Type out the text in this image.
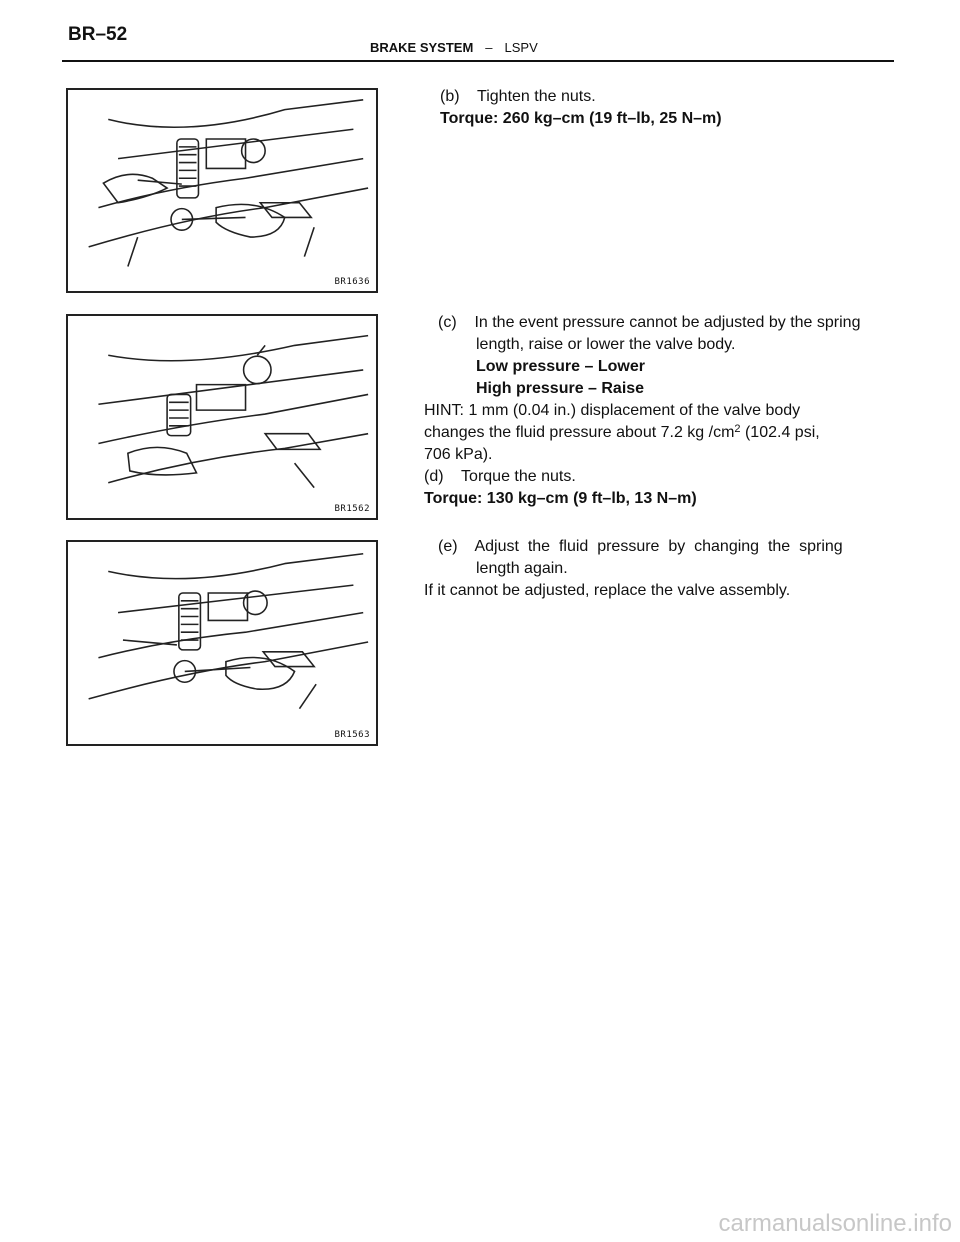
BR–52
BRAKE SYSTEM – LSPV
BR1636
BR1562
BR1563
(b)    Tighten the nuts.
Torque: 260 kg–cm (19 ft–lb, 25 N–m)
(c)    In the event pressure cannot be adjusted by the spring
length, raise or lower the valve body.
Low pressure – Lower
High pressure – Raise
HINT: 1 mm (0.04 in.) displacement of the valve body
changes the fluid pressure about 7.2 kg $/cm^2$ (102.4 psi,
706 kPa).
(d)    Torque the nuts.
Torque: 130 kg–cm (9 ft–lb, 13 N–m)
(e)    Adjust  the  fluid  pressure  by  changing  the  spring
length again.
If it cannot be adjusted, replace the valve assembly.
carmanualsonline.info
